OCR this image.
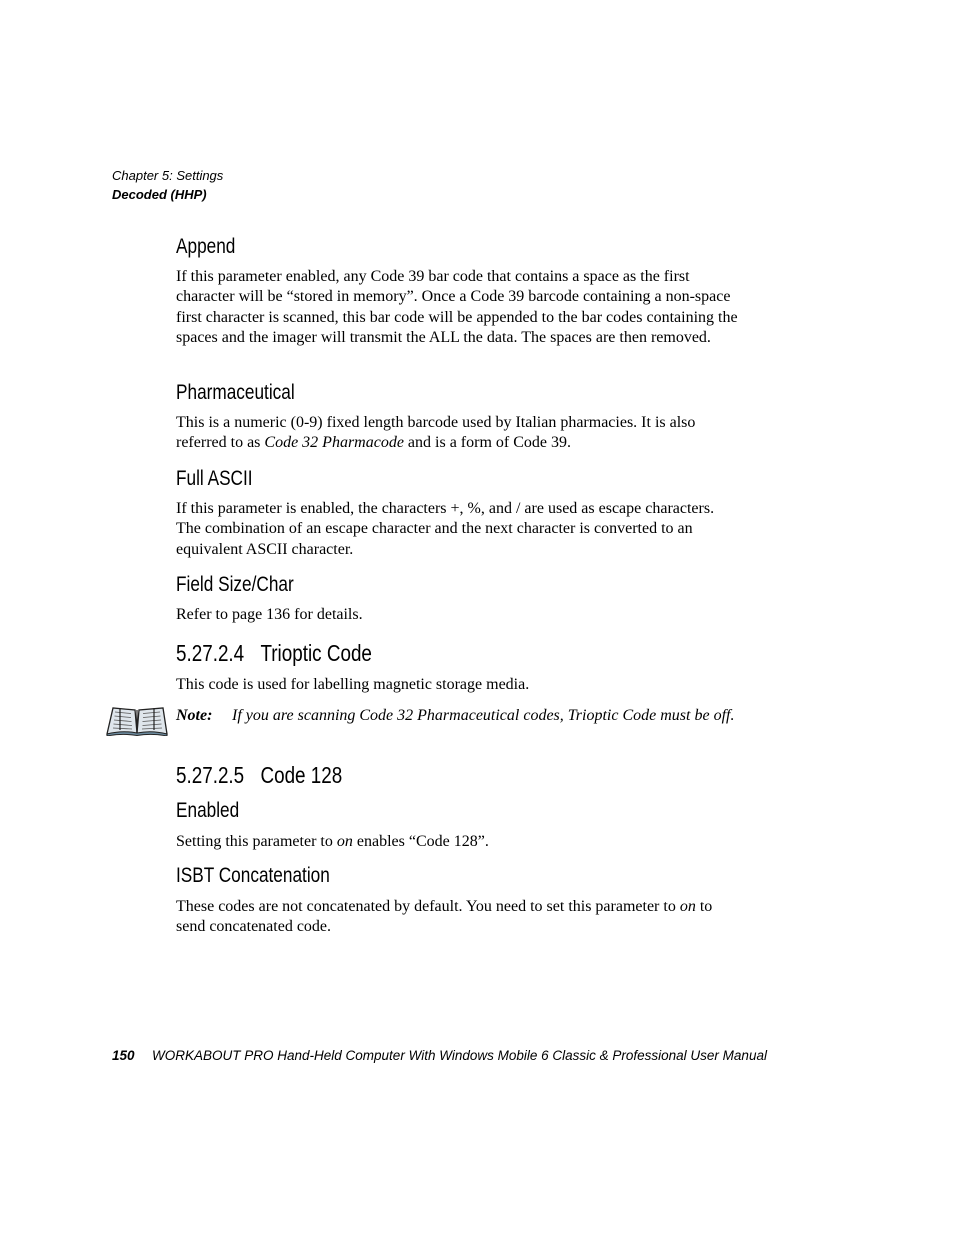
Chapter 5: Settings
Decoded (HHP)
Append

If this parameter enabled, any Code 39 bar code that contains a space as the first character will be “stored in memory”. Once a Code 39 barcode containing a non-space first character is scanned, this bar code will be appended to the bar codes containing the spaces and the imager will transmit the ALL the data. The spaces are then removed.

Pharmaceutical

This is a numeric (0-9) fixed length barcode used by Italian pharmacies. It is also referred to as Code 32 Pharmacode and is a form of Code 39.

Full ASCII

If this parameter is enabled, the characters +, %, and / are used as escape characters. The combination of an escape character and the next character is converted to an equivalent ASCII character.

Field Size/Char

Refer to page 136 for details.

5.27.2.4 Trioptic Code

This code is used for labelling magnetic storage media.

Note: If you are scanning Code 32 Pharmaceutical codes, Trioptic Code must be off.
5.27.2.5 Code 128
Enabled

Setting this parameter to on enables “Code 128”.

ISBT Concatenation

These codes are not concatenated by default. You need to set this parameter to on to send concatenated code.

150 WORKABOUT PRO Hand-Held Computer With Windows Mobile 6 Classic & Professional User Manual
